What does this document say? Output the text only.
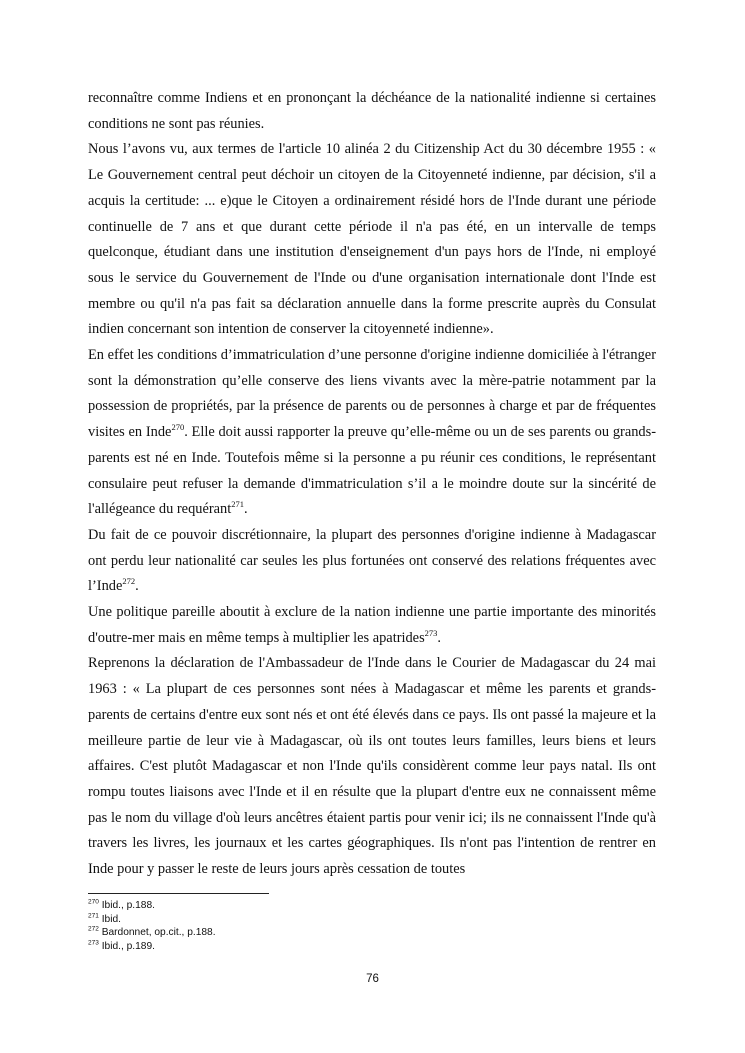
reconnaître comme Indiens et en prononçant la déchéance de la nationalité indienne si certaines conditions ne sont pas réunies.

Nous l’avons vu, aux termes de l'article 10 alinéa 2 du Citizenship Act du 30 décembre 1955 : « Le Gouvernement central peut déchoir un citoyen de la Citoyenneté indienne, par décision, s'il a acquis la certitude: ... e)que le Citoyen a ordinairement résidé hors de l'Inde durant une période continuelle de 7 ans et que durant cette période il n'a pas été, en un intervalle de temps quelconque, étudiant dans une institution d'enseignement d'un pays hors de l'Inde, ni employé sous le service du Gouvernement de l'Inde ou d'une organisation internationale dont l'Inde est membre ou qu'il n'a pas fait sa déclaration annuelle dans la forme prescrite auprès du Consulat indien concernant son intention de conserver la citoyenneté indienne».

En effet les conditions d’immatriculation d’une personne d'origine indienne domiciliée à l'étranger sont la démonstration qu’elle conserve des liens vivants avec la mère-patrie notamment par la possession de propriétés, par la présence de parents ou de personnes à charge et par de fréquentes visites en Inde$^{270}$. Elle doit aussi rapporter la preuve qu’elle-même ou un de ses parents ou grands-parents est né en Inde. Toutefois même si la personne a pu réunir ces conditions, le représentant consulaire peut refuser la demande d'immatriculation s’il a le moindre doute sur la sincérité de l'allégeance du requérant$^{271}$.

Du fait de ce pouvoir discrétionnaire, la plupart des personnes d'origine indienne à Madagascar ont perdu leur nationalité car seules les plus fortunées ont conservé des relations fréquentes avec l’Inde$^{272}$.

Une politique pareille aboutit à exclure de la nation indienne une partie importante des minorités d'outre-mer mais en même temps à multiplier les apatrides$^{273}$.

Reprenons la déclaration de l'Ambassadeur de l'Inde dans le Courier de Madagascar du 24 mai 1963 : « La plupart de ces personnes sont nées à Madagascar et même les parents et grands-parents de certains d'entre eux sont nés et ont été élevés dans ce pays. Ils ont passé la majeure et la meilleure partie de leur vie à Madagascar, où ils ont toutes leurs familles, leurs biens et leurs affaires. C'est plutôt Madagascar et non l'Inde qu'ils considèrent comme leur pays natal. Ils ont rompu toutes liaisons avec l'Inde et il en résulte que la plupart d'entre eux ne connaissent même pas le nom du village d'où leurs ancêtres étaient partis pour venir ici; ils ne connaissent l'Inde qu'à travers les livres, les journaux et les cartes géographiques. Ils n'ont pas l'intention de rentrer en Inde pour y passer le reste de leurs jours après cessation de toutes

$^{270}$ Ibid., p.188.
$^{271}$ Ibid.
$^{272}$ Bardonnet, op.cit., p.188.
$^{273}$ Ibid., p.189.
76
